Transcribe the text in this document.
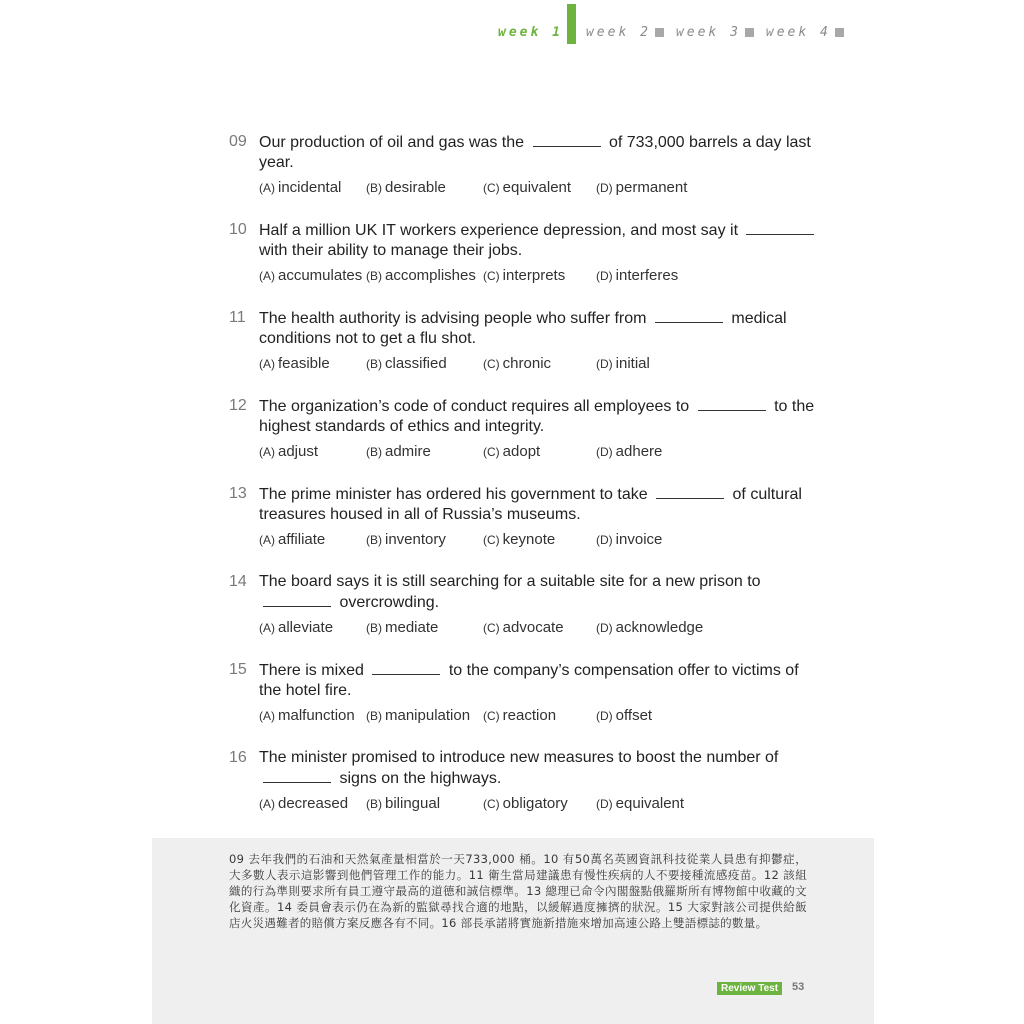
week 1 week 2 week 3 week 4
09 Our production of oil and gas was the	of 733,000 barrels a day last year.
(A) incidental	(B) desirable	(C) equivalent	(D) permanent
10 Half a million UK IT workers experience depression, and most say it  with their ability to manage their jobs.
(A) accumulates (B) accomplishes (C) interprets	(D) interferes
11 The health authority is advising people who suffer from	medical conditions not to get a flu shot.
(A) feasible	(B) classified	(C) chronic	(D) initial
12 The organization’s code of conduct requires all employees to	to the highest standards of ethics and integrity.
(A) adjust	(B) admire	(C) adopt	(D) adhere
13 The prime minister has ordered his government to take	of cultural treasures housed in all of Russia’s museums.
(A) affiliate	(B) inventory	(C) keynote	(D) invoice
14 The board says it is still searching for a suitable site for a new prison to  overcrowding.
(A) alleviate	(B) mediate	(C) advocate	(D) acknowledge
15 There is mixed	to the company’s compensation offer to victims of the hotel fire.
(A) malfunction (B) manipulation	(C) reaction	(D) offset
16 The minister promised to introduce new measures to boost the number of  signs on the highways.
(A) decreased	(B) bilingual	(C) obligatory	(D) equivalent
09 去年我們的石油和天然氣產量相當於一天733,000 桶。10 有50萬名英國資訊科技從業人員患有抑鬱症，大多數人表示這影響到他們管理工作的能力。11 衛生當局建議患有慢性疾病的人不要接種流感疫苗。12 該組織的行為準則要求所有員工遵守最高的道德和誠信標準。13 總理已命令內閣盤點俄羅斯所有博物館中收藏的文化資產。14 委員會表示仍在為新的監獄尋找合適的地點，以緩解過度擁擠的狀況。15 大家對該公司提供給飯店火災遇難者的賠償方案反應各有不同。16 部長承諾將實施新措施來增加高速公路上雙語標誌的數量。
Review Test	53
